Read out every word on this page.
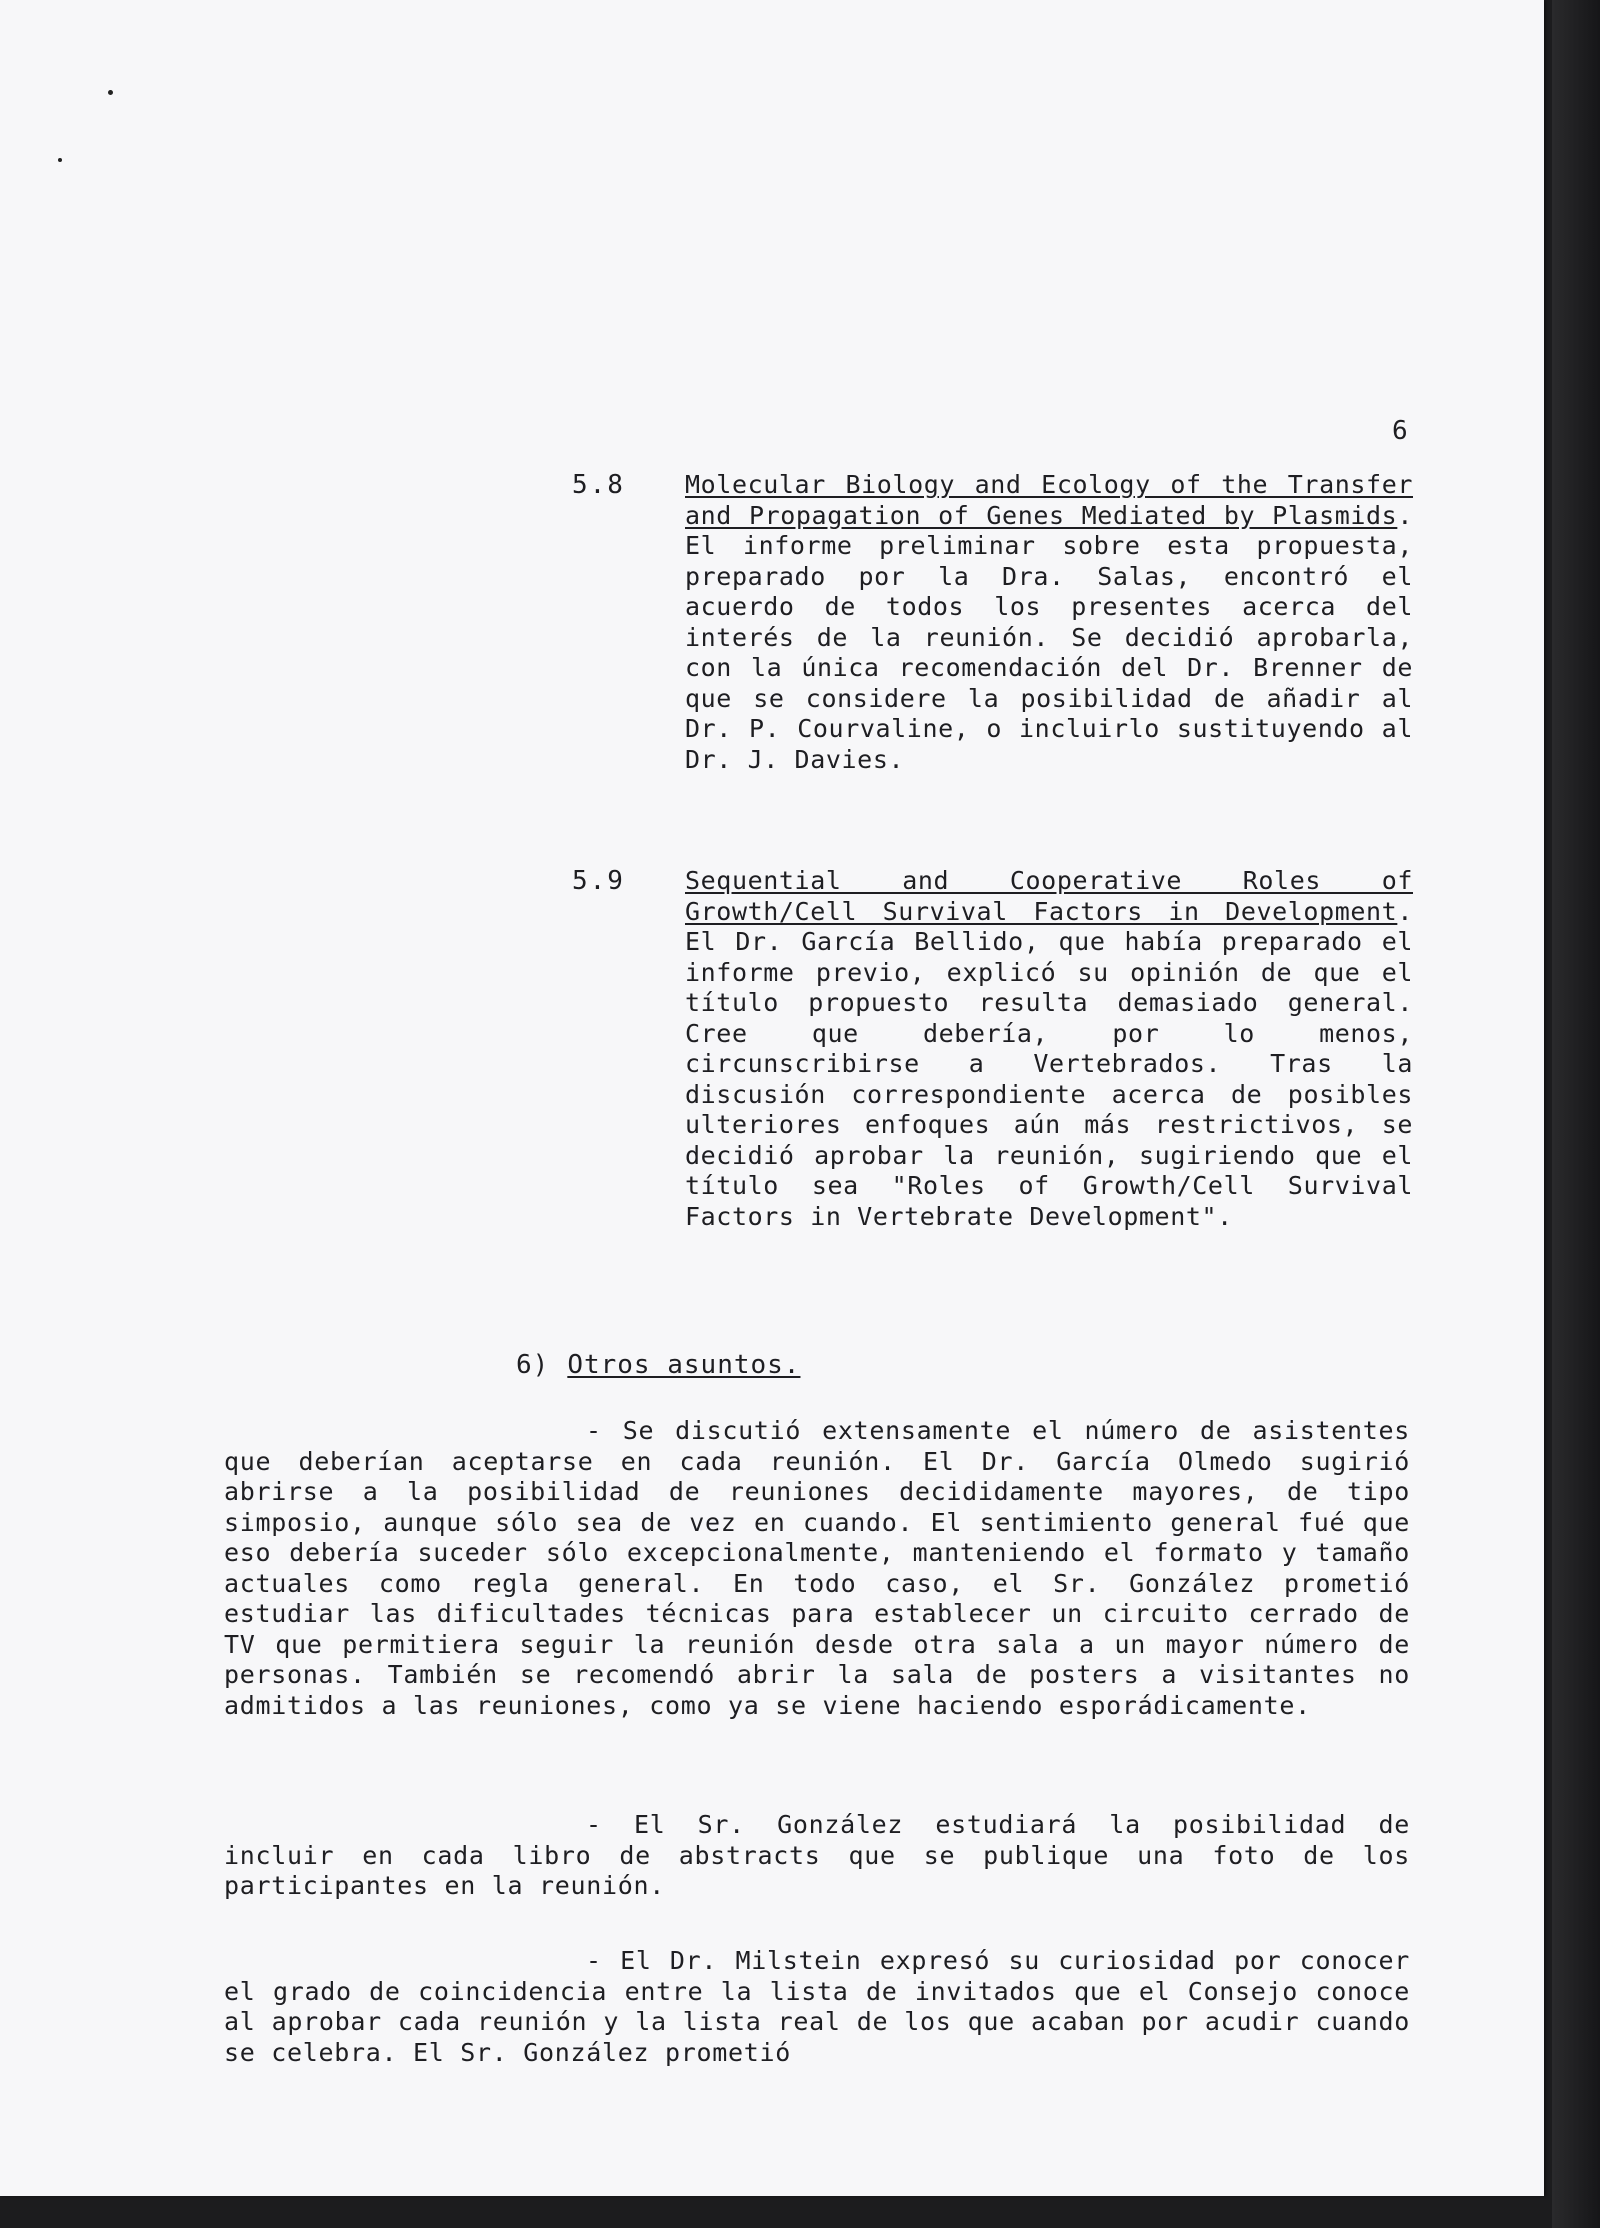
6
5.8 Molecular Biology and Ecology of the Transfer and Propagation of Genes Mediated by Plasmids. El informe preliminar sobre esta propuesta, preparado por la Dra. Salas, encontró el acuerdo de todos los presentes acerca del interés de la reunión. Se decidió aprobarla, con la única recomendación del Dr. Brenner de que se considere la posibilidad de añadir al Dr. P. Courvaline, o incluirlo sustituyendo al Dr. J. Davies.
5.9 Sequential and Cooperative Roles of Growth/Cell Survival Factors in Development. El Dr. García Bellido, que había preparado el informe previo, explicó su opinión de que el título propuesto resulta demasiado general. Cree que debería, por lo menos, circunscribirse a Vertebrados. Tras la discusión correspondiente acerca de posibles ulteriores enfoques aún más restrictivos, se decidió aprobar la reunión, sugiriendo que el título sea "Roles of Growth/Cell Survival Factors in Vertebrate Development".
6) Otros asuntos.
- Se discutió extensamente el número de asistentes que deberían aceptarse en cada reunión. El Dr. García Olmedo sugirió abrirse a la posibilidad de reuniones decididamente mayores, de tipo simposio, aunque sólo sea de vez en cuando. El sentimiento general fué que eso debería suceder sólo excepcionalmente, manteniendo el formato y tamaño actuales como regla general. En todo caso, el Sr. González prometió estudiar las dificultades técnicas para establecer un circuito cerrado de TV que permitiera seguir la reunión desde otra sala a un mayor número de personas. También se recomendó abrir la sala de posters a visitantes no admitidos a las reuniones, como ya se viene haciendo esporádicamente.
- El Sr. González estudiará la posibilidad de incluir en cada libro de abstracts que se publique una foto de los participantes en la reunión.
- El Dr. Milstein expresó su curiosidad por conocer el grado de coincidencia entre la lista de invitados que el Consejo conoce al aprobar cada reunión y la lista real de los que acaban por acudir cuando se celebra. El Sr. González prometió
